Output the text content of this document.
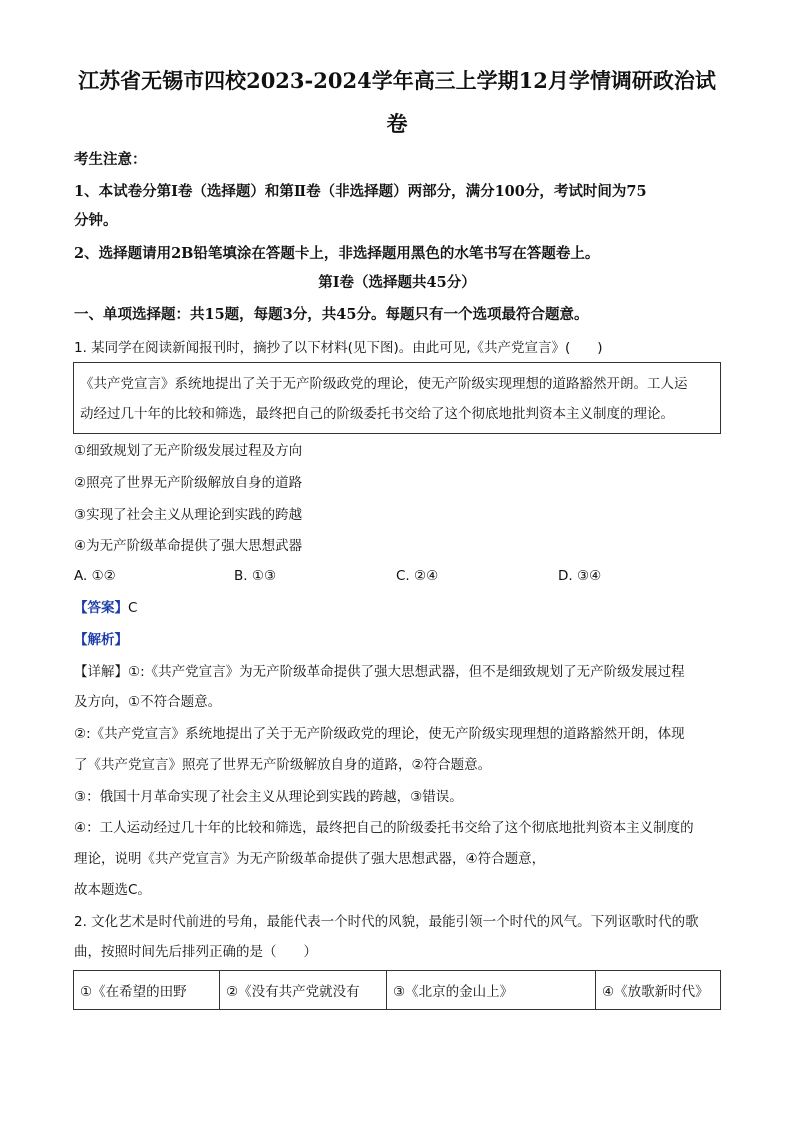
江苏省无锡市四校2023-2024学年高三上学期12月学情调研政治试
卷
考生注意：
1、本试卷分第Ⅰ卷（选择题）和第Ⅱ卷（非选择题）两部分，满分100分，考试时间为75
分钟。
2、选择题请用2B铅笔填涂在答题卡上，非选择题用黑色的水笔书写在答题卷上。
第Ⅰ卷（选择题共45分）
一、单项选择题：共15题，每题3分，共45分。每题只有一个选项最符合题意。
1. 某同学在阅读新闻报刊时，摘抄了以下材料(见下图)。由此可见,《共产党宣言》(　　)
《共产党宣言》系统地提出了关于无产阶级政党的理论，使无产阶级实现理想的道路豁然开朗。工人运
动经过几十年的比较和筛选，最终把自己的阶级委托书交给了这个彻底地批判资本主义制度的理论。
①细致规划了无产阶级发展过程及方向
②照亮了世界无产阶级解放自身的道路
③实现了社会主义从理论到实践的跨越
④为无产阶级革命提供了强大思想武器
A. ①②	B. ①③	C. ②④	D. ③④
【答案】C
【解析】
【详解】①:《共产党宣言》为无产阶级革命提供了强大思想武器，但不是细致规划了无产阶级发展过程
及方向，①不符合题意。
②:《共产党宣言》系统地提出了关于无产阶级政党的理论，使无产阶级实现理想的道路豁然开朗，体现
了《共产党宣言》照亮了世界无产阶级解放自身的道路，②符合题意。
③：俄国十月革命实现了社会主义从理论到实践的跨越，③错误。
④：工人运动经过几十年的比较和筛选，最终把自己的阶级委托书交给了这个彻底地批判资本主义制度的
理论，说明《共产党宣言》为无产阶级革命提供了强大思想武器，④符合题意，
故本题选C。
2. 文化艺术是时代前进的号角，最能代表一个时代的风貌，最能引领一个时代的风气。下列讴歌时代的歌
曲，按照时间先后排列正确的是（　　）
①《在希望的田野	②《没有共产党就没有	③《北京的金山上》	④《放歌新时代》
